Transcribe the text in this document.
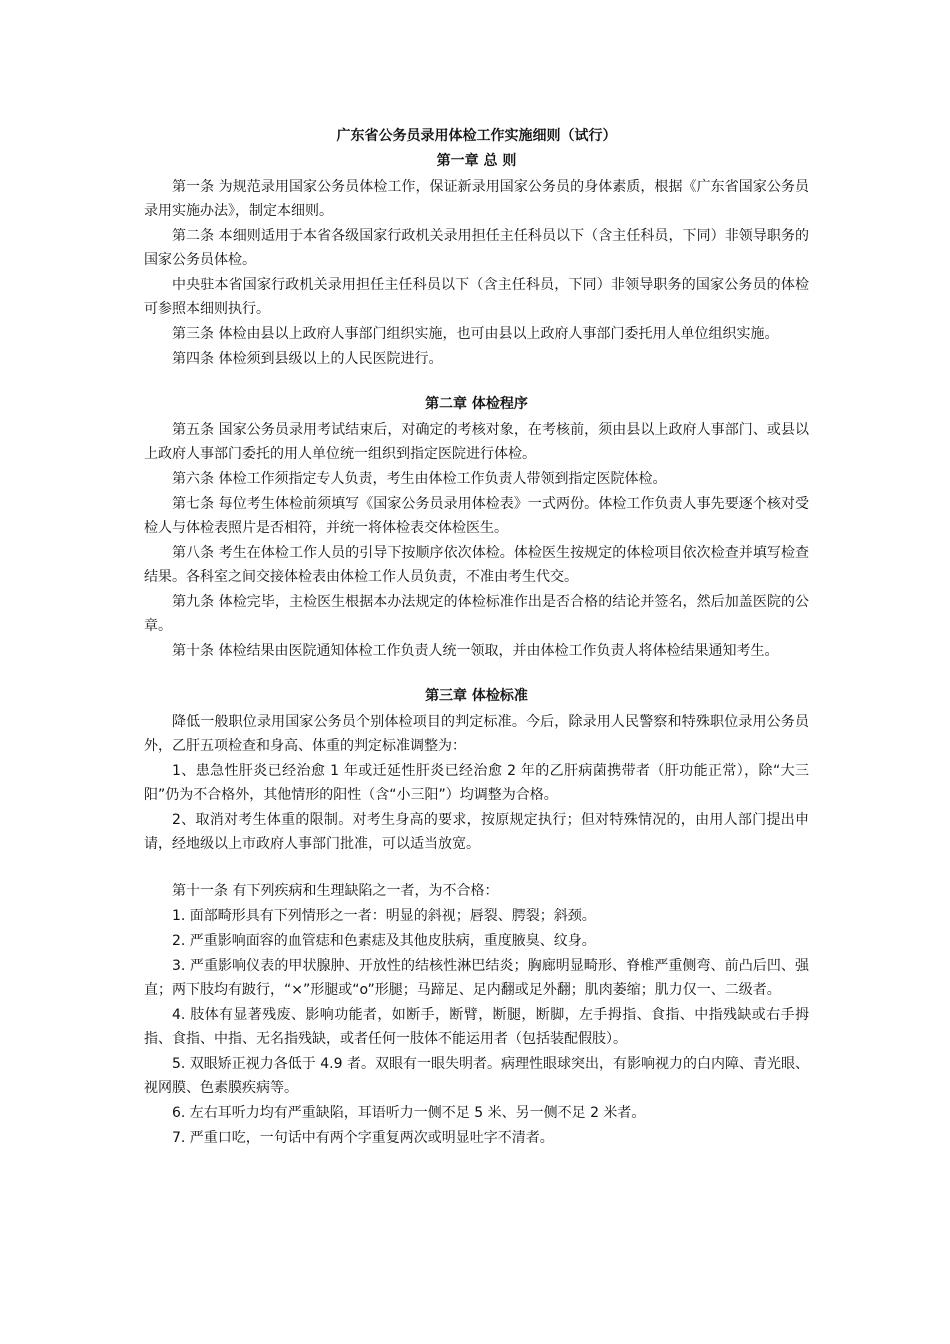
广东省公务员录用体检工作实施细则（试行）
第一章 总 则

第一条 为规范录用国家公务员体检工作，保证新录用国家公务员的身体素质，根据《广东省国家公务员录用实施办法》，制定本细则。

第二条 本细则适用于本省各级国家行政机关录用担任主任科员以下（含主任科员，下同）非领导职务的国家公务员体检。

中央驻本省国家行政机关录用担任主任科员以下（含主任科员，下同）非领导职务的国家公务员的体检可参照本细则执行。

第三条 体检由县以上政府人事部门组织实施，也可由县以上政府人事部门委托用人单位组织实施。

第四条 体检须到县级以上的人民医院进行。

第二章 体检程序

第五条 国家公务员录用考试结束后，对确定的考核对象，在考核前，须由县以上政府人事部门、或县以上政府人事部门委托的用人单位统一组织到指定医院进行体检。

第六条 体检工作须指定专人负责，考生由体检工作负责人带领到指定医院体检。

第七条 每位考生体检前须填写《国家公务员录用体检表》一式两份。体检工作负责人事先要逐个核对受检人与体检表照片是否相符，并统一将体检表交体检医生。

第八条 考生在体检工作人员的引导下按顺序依次体检。体检医生按规定的体检项目依次检查并填写检查结果。各科室之间交接体检表由体检工作人员负责，不准由考生代交。

第九条 体检完毕，主检医生根据本办法规定的体检标准作出是否合格的结论并签名，然后加盖医院的公章。

第十条 体检结果由医院通知体检工作负责人统一领取，并由体检工作负责人将体检结果通知考生。

第三章 体检标准

降低一般职位录用国家公务员个别体检项目的判定标准。今后，除录用人民警察和特殊职位录用公务员外，乙肝五项检查和身高、体重的判定标准调整为：

1、患急性肝炎已经治愈 1 年或迁延性肝炎已经治愈 2 年的乙肝病菌携带者（肝功能正常），除“大三阳”仍为不合格外，其他情形的阳性（含“小三阳”）均调整为合格。

2、取消对考生体重的限制。对考生身高的要求，按原规定执行；但对特殊情况的，由用人部门提出申请，经地级以上市政府人事部门批准，可以适当放宽。

第十一条 有下列疾病和生理缺陷之一者，为不合格：

1. 面部畸形具有下列情形之一者：明显的斜视；唇裂、腭裂；斜颈。

2. 严重影响面容的血管痣和色素痣及其他皮肤病，重度腋臭、纹身。

3. 严重影响仪表的甲状腺肿、开放性的结核性淋巴结炎；胸廊明显畸形、脊椎严重侧弯、前凸后凹、强直；两下肢均有跛行，“×”形腿或“o”形腿；马蹄足、足内翻或足外翻；肌肉萎缩；肌力仅一、二级者。

4. 肢体有显著残废、影响功能者，如断手，断臂，断腿，断脚，左手拇指、食指、中指残缺或右手拇指、食指、中指、无名指残缺，或者任何一肢体不能运用者（包括装配假肢）。

5. 双眼矫正视力各低于 4.9 者。双眼有一眼失明者。病理性眼球突出，有影响视力的白内障、青光眼、视网膜、色素膜疾病等。

6. 左右耳听力均有严重缺陷，耳语听力一侧不足 5 米、另一侧不足 2 米者。

7. 严重口吃，一句话中有两个字重复两次或明显吐字不清者。
